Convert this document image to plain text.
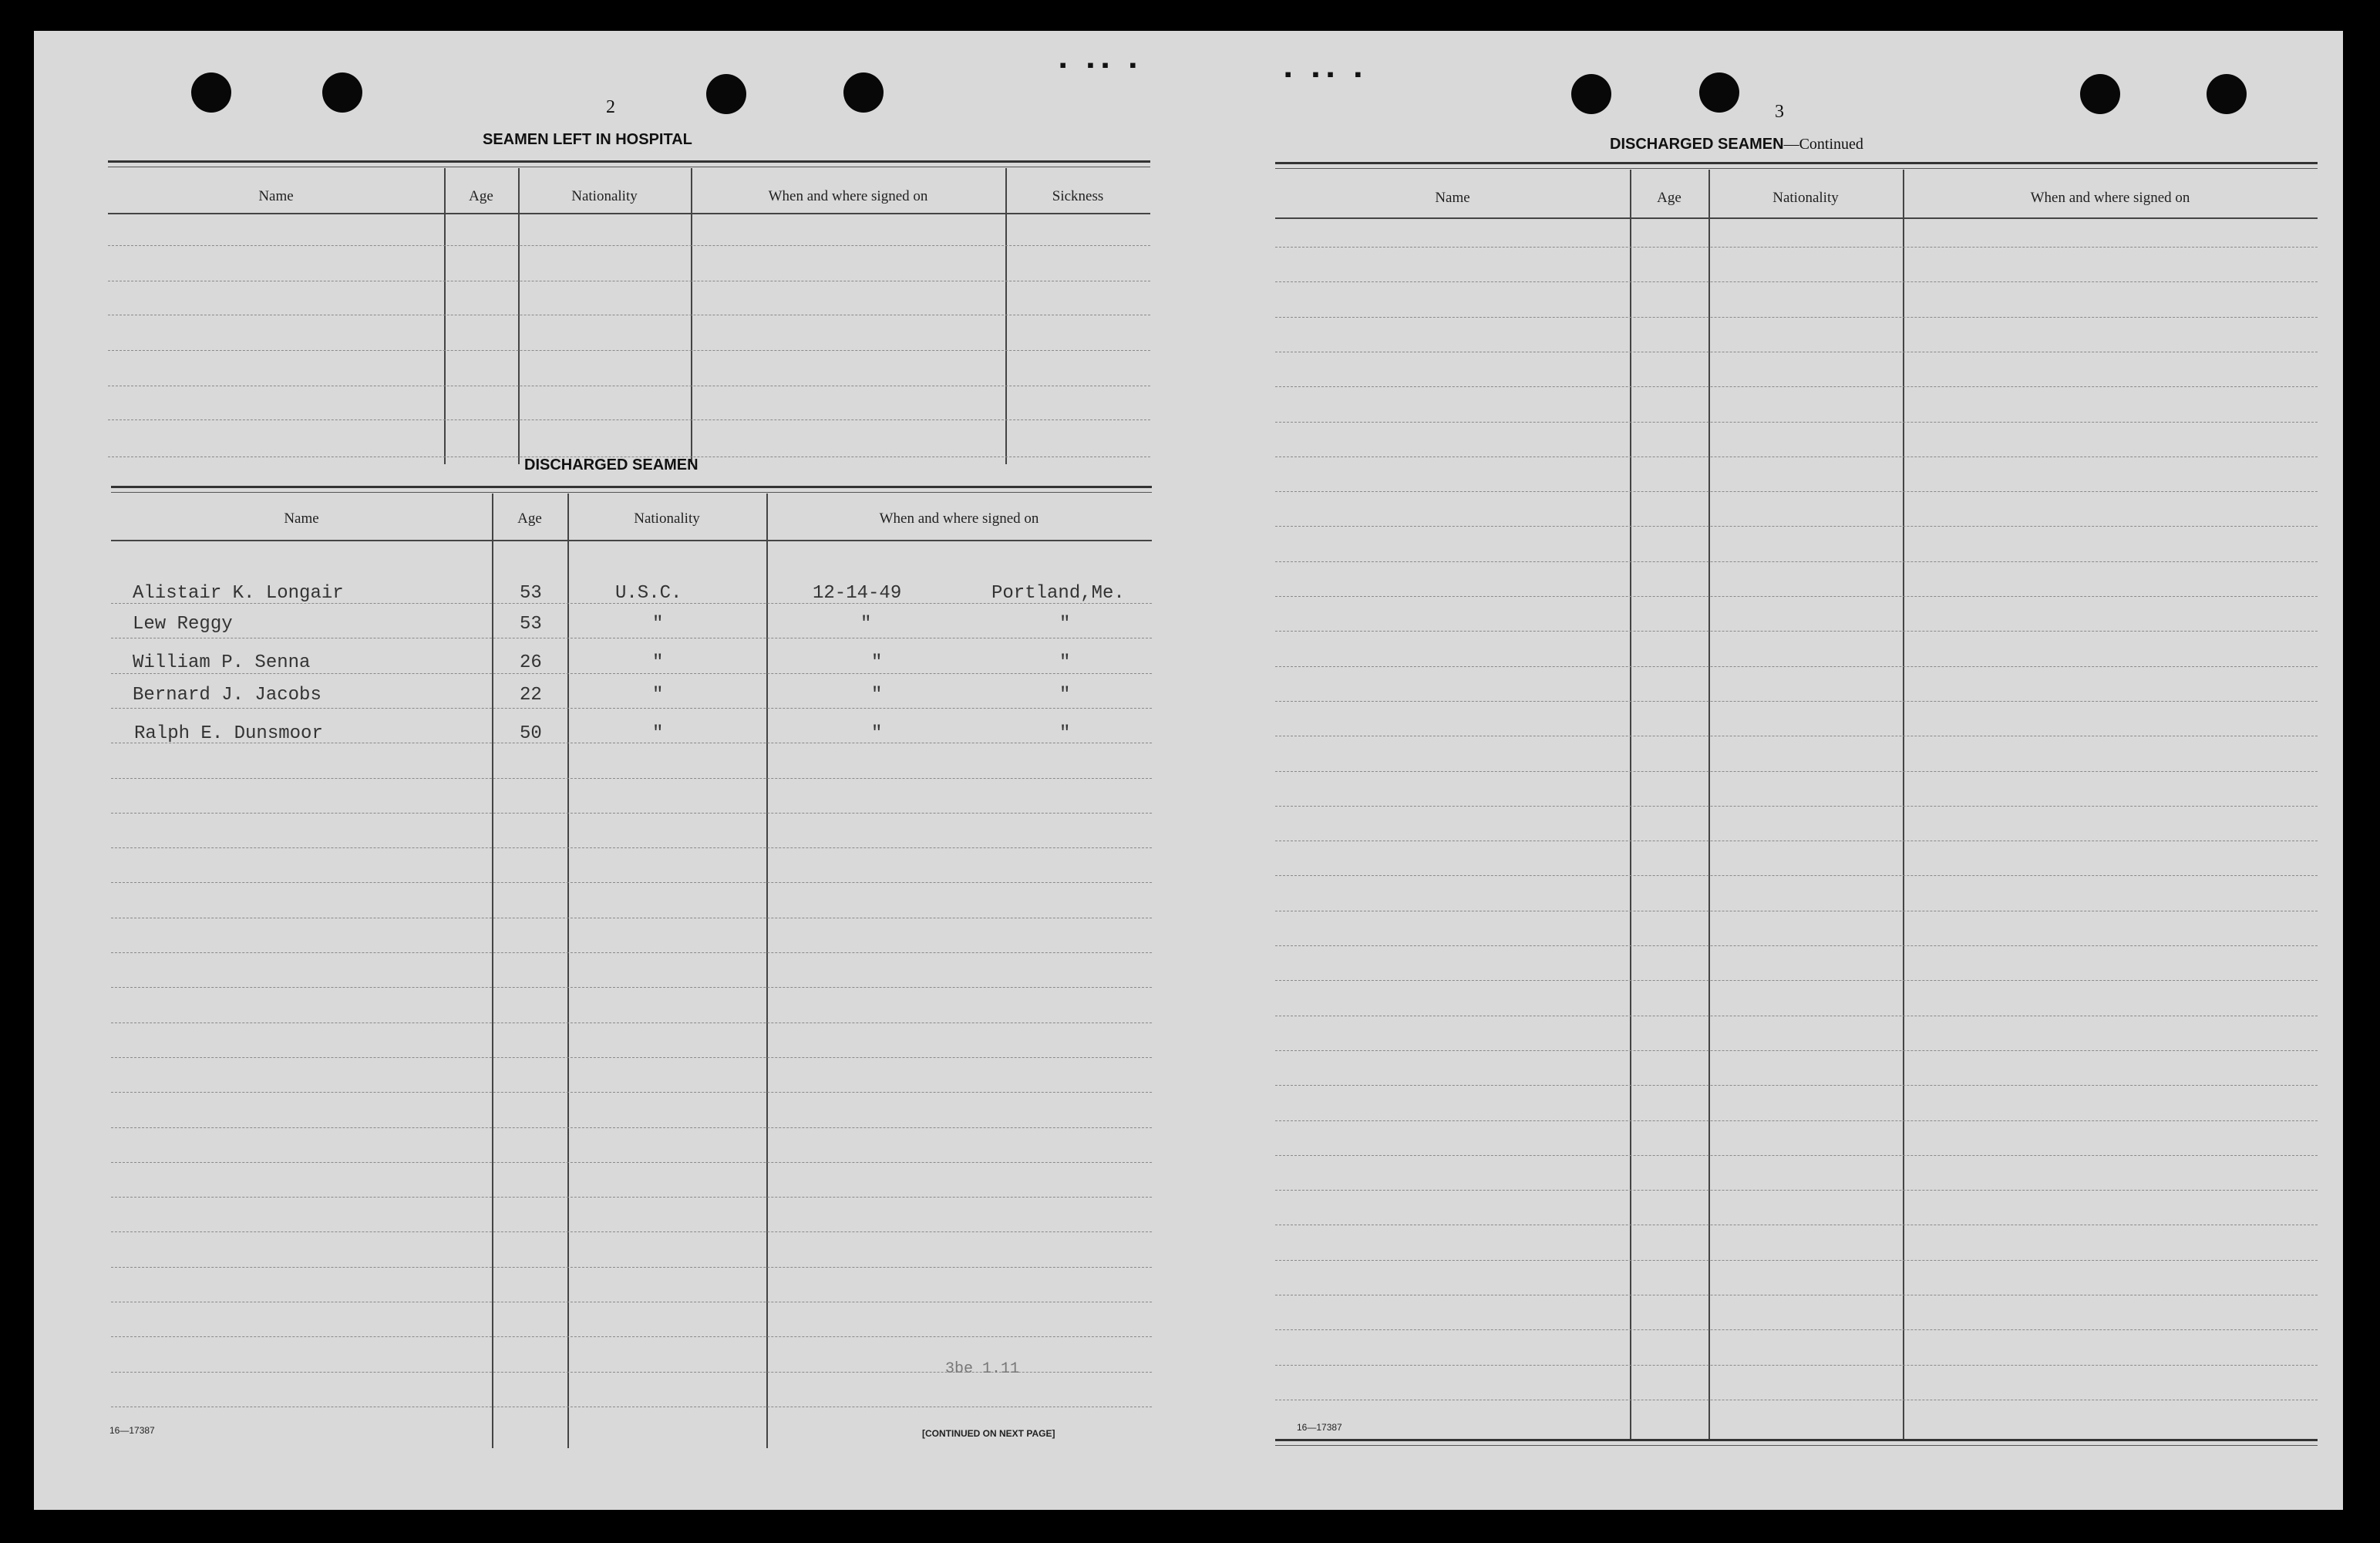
▪ ▪▪ ▪	▪ ▪▪ ▪
2
SEAMEN LEFT IN HOSPITAL
Name	Age	Nationality	When and where signed on	Sickness
DISCHARGED SEAMEN
Name	Age	Nationality	When and where signed on
Alistair K. Longair	53	U.S.C.	12-14-49	Portland,Me.
Lew Reggy	53	"	"	"
William P. Senna	26	"	"	"
Bernard J. Jacobs	22	"	"	"
Ralph E. Dunsmoor	50	"	"	"
3be 1.11
16—17387	[CONTINUED ON NEXT PAGE]
3
DISCHARGED SEAMEN—Continued
Name	Age	Nationality	When and where signed on
16—17387
